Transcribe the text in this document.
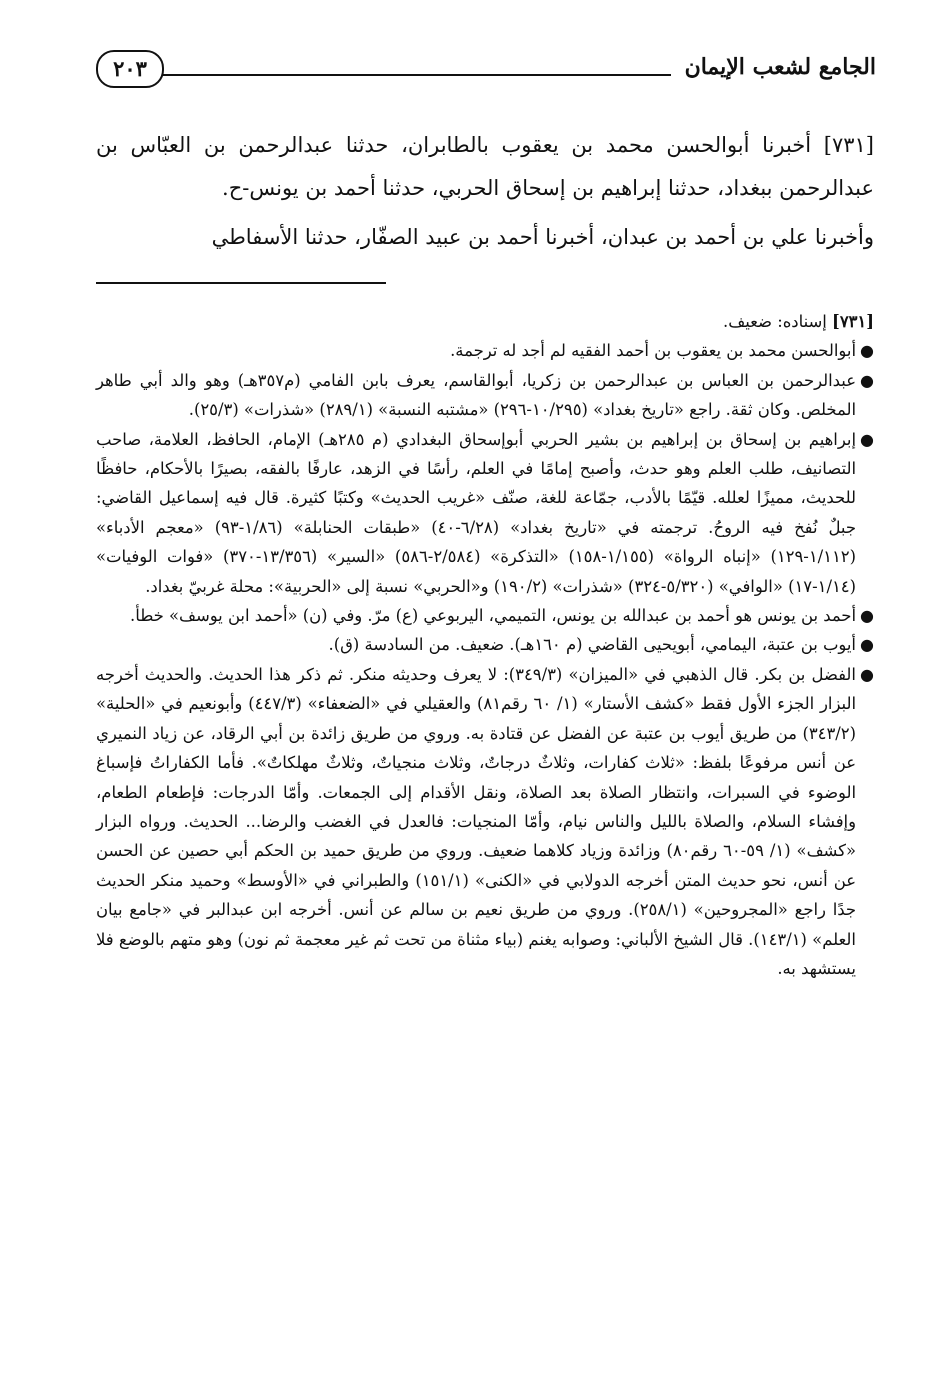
الجامع لشعب الإيمان
٢٠٣

[٧٣١] أخبرنا أبوالحسن محمد بن يعقوب بالطابران، حدثنا عبدالرحمن بن العبّاس بن عبدالرحمن ببغداد، حدثنا إبراهيم بن إسحاق الحربي، حدثنا أحمد بن يونس-ح.

وأخبرنا علي بن أحمد بن عبدان، أخبرنا أحمد بن عبيد الصفّار، حدثنا الأسفاطي

[٧٣١] إسناده: ضعيف.

●

أبوالحسن محمد بن يعقوب بن أحمد الفقيه لم أجد له ترجمة.

●

عبدالرحمن بن العباس بن عبدالرحمن بن زكريا، أبوالقاسم، يعرف بابن الفامي (م٣٥٧هـ) وهو والد أبي طاهر المخلص. وكان ثقة. راجع «تاريخ بغداد» (١٠/٢٩٥-٢٩٦) «مشتبه النسبة» (٢٨٩/١) «شذرات» (٢٥/٣).

●

إبراهيم بن إسحاق بن إبراهيم بن بشير الحربي أبوإسحاق البغدادي (م ٢٨٥هـ) الإمام، الحافظ، العلامة، صاحب التصانيف، طلب العلم وهو حدث، وأصبح إمامًا في العلم، رأسًا في الزهد، عارفًا بالفقه، بصيرًا بالأحكام، حافظًا للحديث، مميزًا لعلله. قيّمًا بالأدب، جمّاعة للغة، صنّف «غريب الحديث» وكتبًا كثيرة. قال فيه إسماعيل القاضي: جبلٌ نُفخ فيه الروحُ. ترجمته في «تاريخ بغداد» (٦/٢٨-٤٠) «طبقات الحنابلة» (١/٨٦-٩٣) «معجم الأدباء» (١/١١٢-١٢٩) «إنباه الرواة» (١/١٥٥-١٥٨) «التذكرة» (٢/٥٨٤-٥٨٦) «السير» (١٣/٣٥٦-٣٧٠) «فوات الوفيات» (١/١٤-١٧) «الوافي» (٥/٣٢٠-٣٢٤) «شذرات» (١٩٠/٢) و«الحربي» نسبة إلى «الحربية»: محلة غربيّ بغداد.

●

أحمد بن يونس هو أحمد بن عبدالله بن يونس، التميمي، اليربوعي (ع) مرّ. وفي (ن) «أحمد ابن يوسف» خطأ.

●

أيوب بن عتبة، اليمامي، أبويحيى القاضي (م ١٦٠هـ). ضعيف. من السادسة (ق).

●

الفضل بن بكر. قال الذهبي في «الميزان» (٣٤٩/٣): لا يعرف وحديثه منكر. ثم ذكر هذا الحديث. والحديث أخرجه البزار الجزء الأول فقط «كشف الأستار» (١/ ٦٠ رقم٨١) والعقيلي في «الضعفاء» (٤٤٧/٣) وأبونعيم في «الحلية» (٣٤٣/٢) من طريق أيوب بن عتبة عن الفضل عن قتادة به. وروي من طريق زائدة بن أبي الرقاد، عن زياد النميري عن أنس مرفوعًا بلفظ: «ثلاث كفارات، وثلاثٌ درجاتٌ، وثلاث منجياتٌ، وثلاثٌ مهلكاتٌ». فأما الكفاراتُ فإسباغ الوضوء في السبرات، وانتظار الصلاة بعد الصلاة، ونقل الأقدام إلى الجمعات. وأمّا الدرجات: فإطعام الطعام، وإفشاء السلام، والصلاة بالليل والناس نيام، وأمّا المنجيات: فالعدل في الغضب والرضا... الحديث. ورواه البزار «كشف» (١/ ٥٩-٦٠ رقم٨٠) وزائدة وزياد كلاهما ضعيف. وروي من طريق حميد بن الحكم أبي حصين عن الحسن عن أنس، نحو حديث المتن أخرجه الدولابي في «الكنى» (١٥١/١) والطبراني في «الأوسط» وحميد منكر الحديث جدًا راجع «المجروحين» (٢٥٨/١). وروي من طريق نعيم بن سالم عن أنس. أخرجه ابن عبدالبر في «جامع بيان العلم» (١٤٣/١). قال الشيخ الألباني: وصوابه يغنم (بياء مثناة من تحت ثم غير معجمة ثم نون) وهو متهم بالوضع فلا يستشهد به.
